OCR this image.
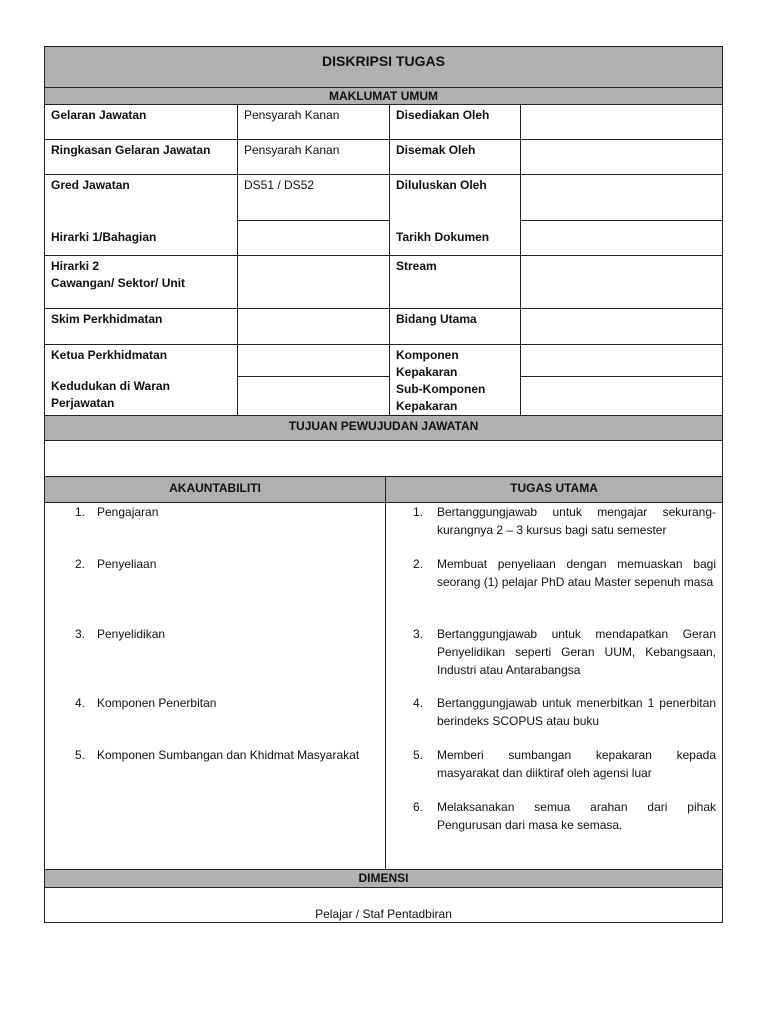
DISKRIPSI TUGAS
MAKLUMAT UMUM
Gelaran Jawatan
Ringkasan Gelaran Jawatan
Gred Jawatan
Hirarki 1/Bahagian
Hirarki 2
Cawangan/ Sektor/ Unit
Skim Perkhidmatan
Ketua Perkhidmatan
Kedudukan di Waran
Perjawatan
Pensyarah Kanan
Pensyarah Kanan
DS51 / DS52
Disediakan Oleh
Disemak Oleh
Diluluskan Oleh
Tarikh Dokumen
Stream
Bidang Utama
Komponen
Kepakaran
Sub-Komponen
Kepakaran
TUJUAN PEWUJUDAN JAWATAN
AKAUNTABILITI	TUGAS UTAMA
1. Pengajaran
2. Penyeliaan
3. Penyelidikan
4. Komponen Penerbitan
5. Komponen Sumbangan dan Khidmat Masyarakat
1. Bertanggungjawab untuk mengajar sekurang-kurangnya 2 – 3 kursus bagi satu semester
2. Membuat penyeliaan dengan memuaskan bagi seorang (1) pelajar PhD atau Master sepenuh masa
3. Bertanggungjawab untuk mendapatkan Geran Penyelidikan seperti Geran UUM, Kebangsaan, Industri atau Antarabangsa
4. Bertanggungjawab untuk menerbitkan 1 penerbitan berindeks SCOPUS atau buku
5. Memberi sumbangan kepakaran kepada masyarakat dan diiktiraf oleh agensi luar
6. Melaksanakan semua arahan dari pihak Pengurusan dari masa ke semasa.
DIMENSI
Pelajar / Staf Pentadbiran
